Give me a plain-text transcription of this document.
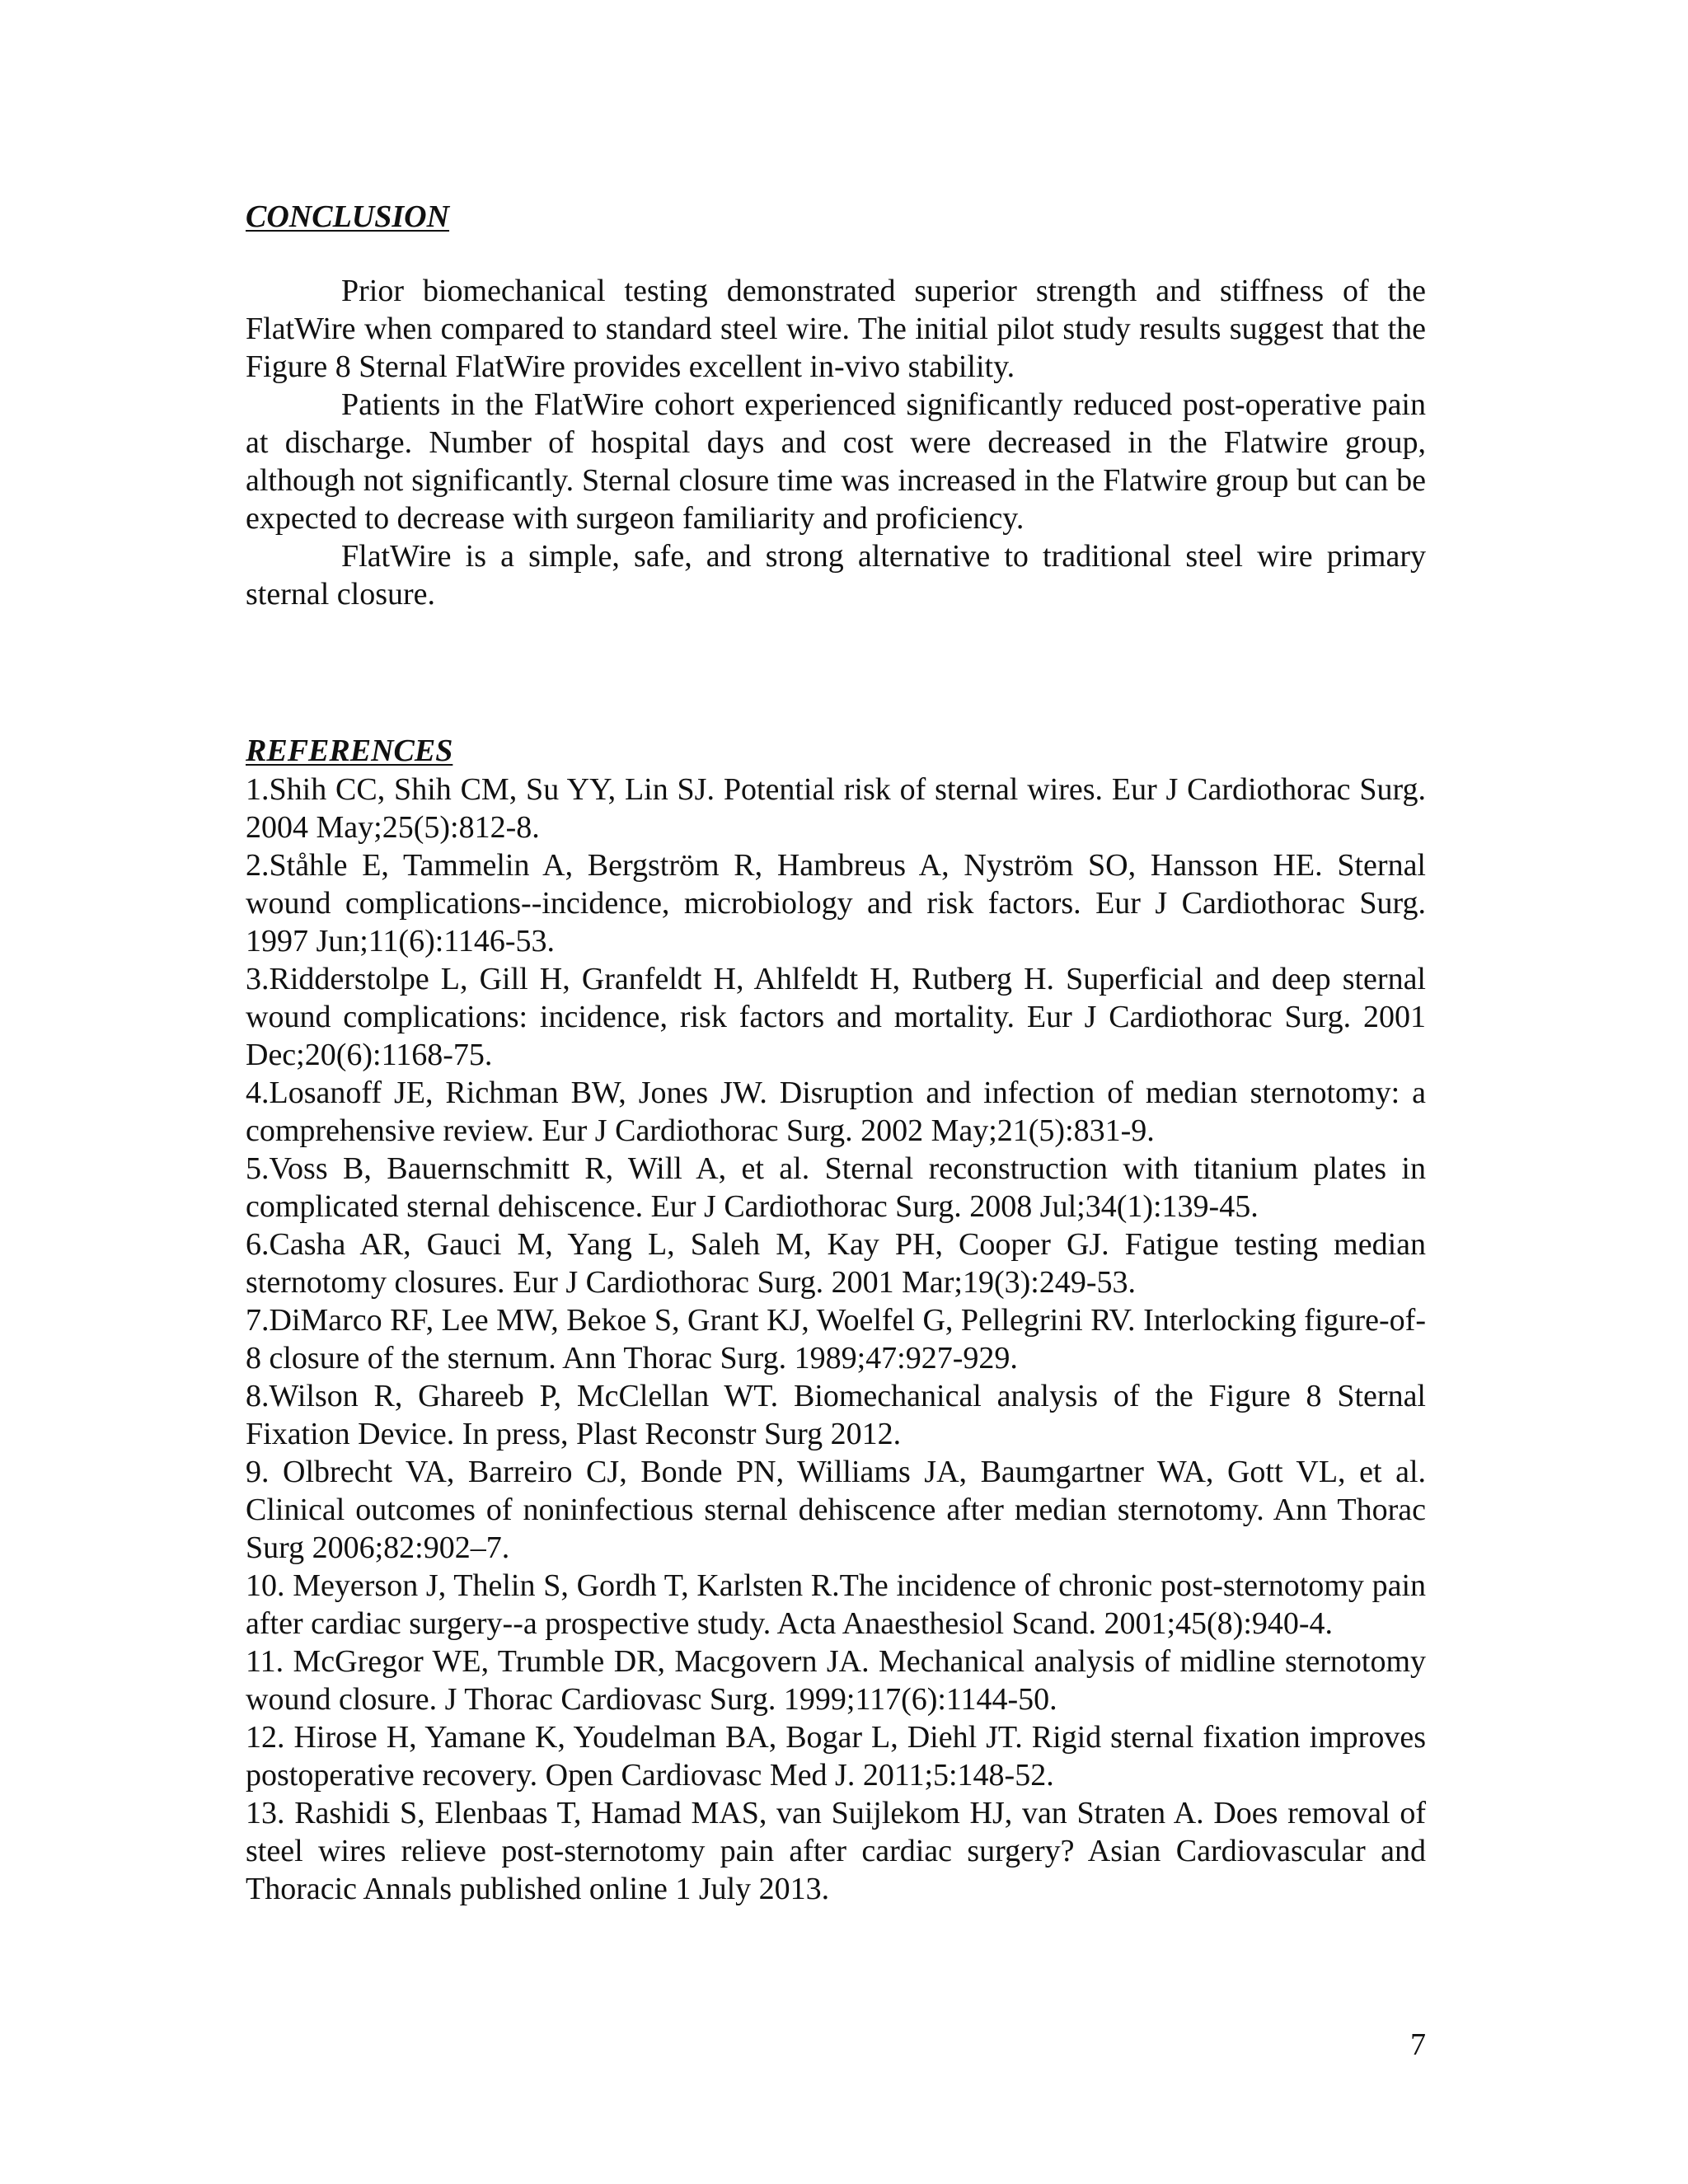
CONCLUSION

Prior biomechanical testing demonstrated superior strength and stiffness of the FlatWire when compared to standard steel wire. The initial pilot study results suggest that the Figure 8 Sternal FlatWire provides excellent in-vivo stability.

Patients in the FlatWire cohort experienced significantly reduced post-operative pain at discharge. Number of hospital days and cost were decreased in the Flatwire group, although not significantly. Sternal closure time was increased in the Flatwire group but can be expected to decrease with surgeon familiarity and proficiency.

FlatWire is a simple, safe, and strong alternative to traditional steel wire primary sternal closure.

REFERENCES
1.Shih CC, Shih CM, Su YY, Lin SJ. Potential risk of sternal wires. Eur J Cardiothorac Surg. 2004 May;25(5):812-8.
2.Ståhle E, Tammelin A, Bergström R, Hambreus A, Nyström SO, Hansson HE. Sternal wound complications--incidence, microbiology and risk factors. Eur J Cardiothorac Surg. 1997 Jun;11(6):1146-53.
3.Ridderstolpe L, Gill H, Granfeldt H, Ahlfeldt H, Rutberg H. Superficial and deep sternal wound complications: incidence, risk factors and mortality. Eur J Cardiothorac Surg. 2001 Dec;20(6):1168-75.
4.Losanoff JE, Richman BW, Jones JW. Disruption and infection of median sternotomy: a comprehensive review. Eur J Cardiothorac Surg. 2002 May;21(5):831-9.
5.Voss B, Bauernschmitt R, Will A, et al. Sternal reconstruction with titanium plates in complicated sternal dehiscence. Eur J Cardiothorac Surg. 2008 Jul;34(1):139-45.
6.Casha AR, Gauci M, Yang L, Saleh M, Kay PH, Cooper GJ. Fatigue testing median sternotomy closures. Eur J Cardiothorac Surg. 2001 Mar;19(3):249-53.
7.DiMarco RF, Lee MW, Bekoe S, Grant KJ, Woelfel G, Pellegrini RV. Interlocking figure-of-8 closure of the sternum. Ann Thorac Surg. 1989;47:927-929.
8.Wilson R, Ghareeb P, McClellan WT. Biomechanical analysis of the Figure 8 Sternal Fixation Device. In press, Plast Reconstr Surg 2012.
9. Olbrecht VA, Barreiro CJ, Bonde PN, Williams JA, Baumgartner WA, Gott VL, et al. Clinical outcomes of noninfectious sternal dehiscence after median sternotomy. Ann Thorac Surg 2006;82:902–7.
10. Meyerson J, Thelin S, Gordh T, Karlsten R.The incidence of chronic post-sternotomy pain after cardiac surgery--a prospective study. Acta Anaesthesiol Scand. 2001;45(8):940-4.
11. McGregor WE, Trumble DR, Macgovern JA. Mechanical analysis of midline sternotomy wound closure. J Thorac Cardiovasc Surg. 1999;117(6):1144-50.
12. Hirose H, Yamane K, Youdelman BA, Bogar L, Diehl JT. Rigid sternal fixation improves postoperative recovery. Open Cardiovasc Med J. 2011;5:148-52.
13. Rashidi S, Elenbaas T, Hamad MAS, van Suijlekom HJ, van Straten A. Does removal of steel wires relieve post-sternotomy pain after cardiac surgery? Asian Cardiovascular and Thoracic Annals published online 1 July 2013.
7
